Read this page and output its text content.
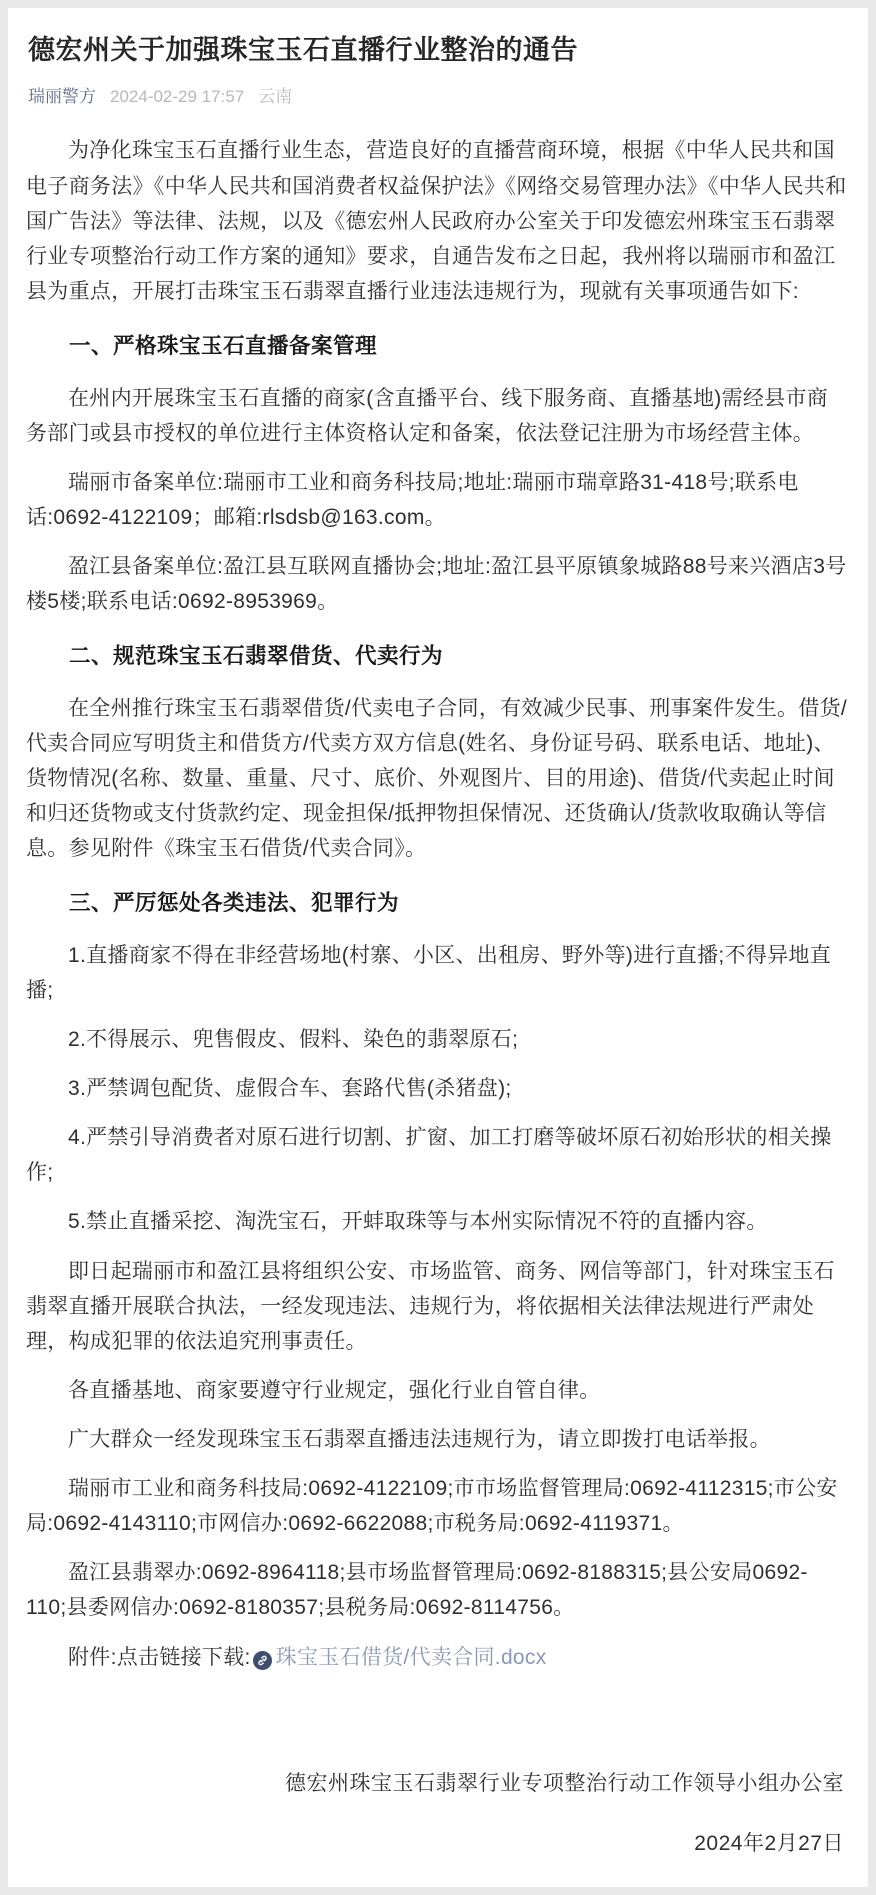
德宏州关于加强珠宝玉石直播行业整治的通告
瑞丽警方 2024-02-29 17:57 云南

为净化珠宝玉石直播行业生态，营造良好的直播营商环境，根据《中华人民共和国电子商务法》《中华人民共和国消费者权益保护法》《网络交易管理办法》《中华人民共和国广告法》等法律、法规，以及《德宏州人民政府办公室关于印发德宏州珠宝玉石翡翠行业专项整治行动工作方案的通知》要求，自通告发布之日起，我州将以瑞丽市和盈江县为重点，开展打击珠宝玉石翡翠直播行业违法违规行为，现就有关事项通告如下:

一、严格珠宝玉石直播备案管理

在州内开展珠宝玉石直播的商家(含直播平台、线下服务商、直播基地)需经县市商务部门或县市授权的单位进行主体资格认定和备案，依法登记注册为市场经营主体。

瑞丽市备案单位:瑞丽市工业和商务科技局;地址:瑞丽市瑞章路31-418号;联系电话:0692-4122109；邮箱:rlsdsb@163.com。

盈江县备案单位:盈江县互联网直播协会;地址:盈江县平原镇象城路88号来兴酒店3号楼5楼;联系电话:0692-8953969。

二、规范珠宝玉石翡翠借货、代卖行为

在全州推行珠宝玉石翡翠借货/代卖电子合同，有效减少民事、刑事案件发生。借货/代卖合同应写明货主和借货方/代卖方双方信息(姓名、身份证号码、联系电话、地址)、货物情况(名称、数量、重量、尺寸、底价、外观图片、目的用途)、借货/代卖起止时间和归还货物或支付货款约定、现金担保/抵押物担保情况、还货确认/货款收取确认等信息。参见附件《珠宝玉石借货/代卖合同》。

三、严厉惩处各类违法、犯罪行为

1.直播商家不得在非经营场地(村寨、小区、出租房、野外等)进行直播;不得异地直播;

2.不得展示、兜售假皮、假料、染色的翡翠原石;

3.严禁调包配货、虚假合车、套路代售(杀猪盘);

4.严禁引导消费者对原石进行切割、扩窗、加工打磨等破坏原石初始形状的相关操作;

5.禁止直播采挖、淘洗宝石，开蚌取珠等与本州实际情况不符的直播内容。

即日起瑞丽市和盈江县将组织公安、市场监管、商务、网信等部门，针对珠宝玉石翡翠直播开展联合执法，一经发现违法、违规行为，将依据相关法律法规进行严肃处理，构成犯罪的依法追究刑事责任。

各直播基地、商家要遵守行业规定，强化行业自管自律。

广大群众一经发现珠宝玉石翡翠直播违法违规行为，请立即拨打电话举报。

瑞丽市工业和商务科技局:0692-4122109;市市场监督管理局:0692-4112315;市公安局:0692-4143110;市网信办:0692-6622088;市税务局:0692-4119371。

盈江县翡翠办:0692-8964118;县市场监督管理局:0692-8188315;县公安局0692-110;县委网信办:0692-8180357;县税务局:0692-8114756。

附件:点击链接下载: 珠宝玉石借货/代卖合同.docx
德宏州珠宝玉石翡翠行业专项整治行动工作领导小组办公室
2024年2月27日
